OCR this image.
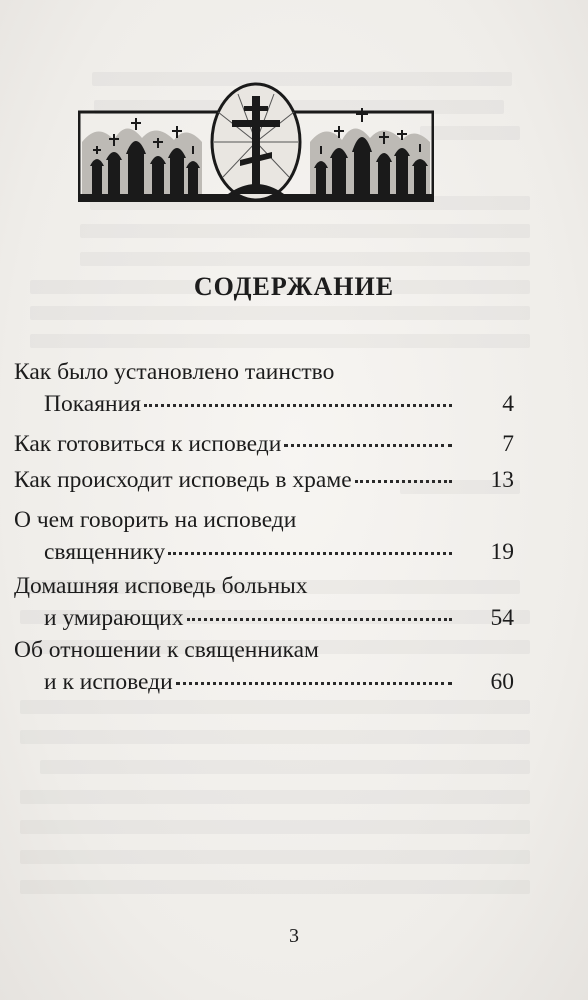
СОДЕРЖАНИЕ
Как было установлено таинство
Покаяния	4
Как готовиться к исповеди	7
Как происходит исповедь в храме	13
О чем говорить на исповеди
священнику	19
Домашняя исповедь больных
и умирающих	54
Об отношении к священникам
и к исповеди	60
3
